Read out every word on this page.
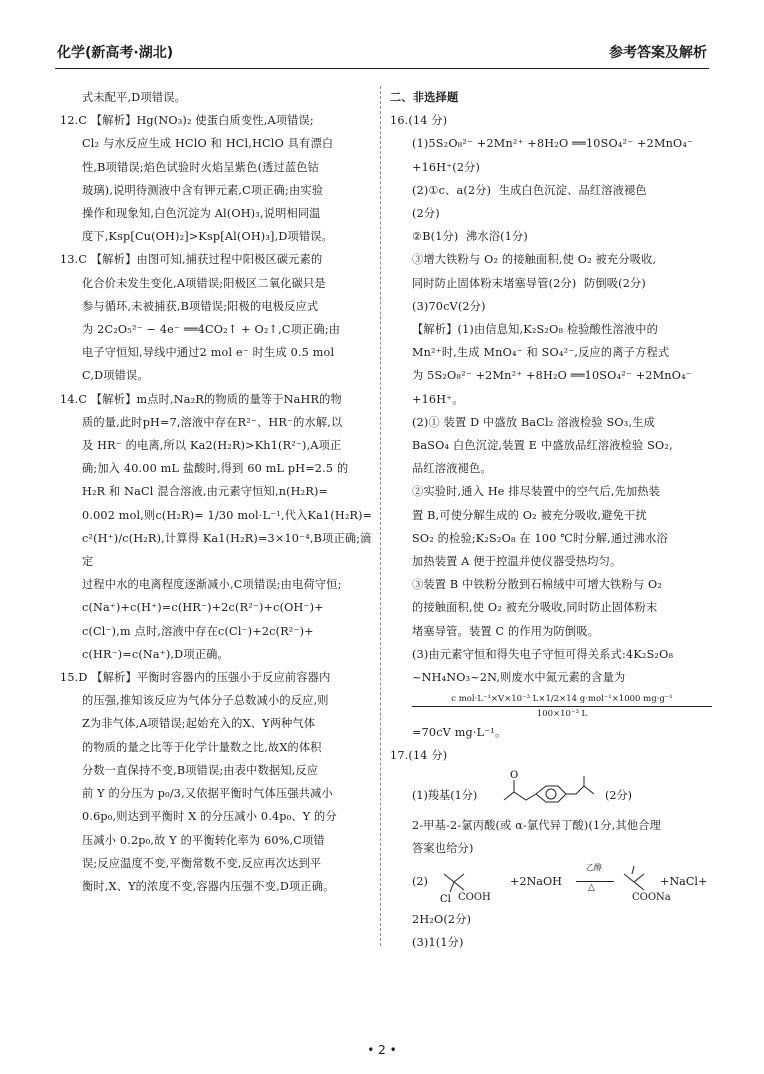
化学(新高考·湖北)	参考答案及解析

式未配平,D项错误。

12.C 【解析】Hg(NO₃)₂ 使蛋白质变性,A项错误;

Cl₂ 与水反应生成 HClO 和 HCl,HClO 具有漂白

性,B项错误;焰色试验时火焰呈紫色(透过蓝色钴

玻璃),说明待测液中含有钾元素,C项正确;由实验

操作和现象知,白色沉淀为 Al(OH)₃,说明相同温

度下,Ksp[Cu(OH)₂]>Ksp[Al(OH)₃],D项错误。

13.C 【解析】由图可知,捕获过程中阳极区碳元素的

化合价未发生变化,A项错误;阳极区二氧化碳只是

参与循环,未被捕获,B项错误;阳极的电极反应式

为 2C₂O₅²⁻ − 4e⁻ ══4CO₂↑ + O₂↑,C项正确;由

电子守恒知,导线中通过2 mol e⁻ 时生成 0.5 mol

C,D项错误。

14.C 【解析】m点时,Na₂R的物质的量等于NaHR的物

质的量,此时pH=7,溶液中存在R²⁻、HR⁻的水解,以

及 HR⁻ 的电离,所以 Ka2(H₂R)>Kh1(R²⁻),A项正

确;加入 40.00 mL 盐酸时,得到 60 mL pH=2.5 的

H₂R 和 NaCl 混合溶液,由元素守恒知,n(H₂R)=

0.002 mol,则c(H₂R)= 1/30 mol·L⁻¹,代入Ka1(H₂R)=

c²(H⁺)/c(H₂R),计算得 Ka1(H₂R)=3×10⁻⁴,B项正确;滴定

过程中水的电离程度逐渐减小,C项错误;由电荷守恒;

c(Na⁺)+c(H⁺)=c(HR⁻)+2c(R²⁻)+c(OH⁻)+

c(Cl⁻),m 点时,溶液中存在c(Cl⁻)+2c(R²⁻)+

c(HR⁻)=c(Na⁺),D项正确。

15.D 【解析】平衡时容器内的压强小于反应前容器内

的压强,推知该反应为气体分子总数减小的反应,则

Z为非气体,A项错误;起始充入的X、Y两种气体

的物质的量之比等于化学计量数之比,故X的体积

分数一直保持不变,B项错误;由表中数据知,反应

前 Y 的分压为 p₀/3,又依据平衡时气体压强共减小

0.6p₀,则达到平衡时 X 的分压减小 0.4p₀、Y 的分

压减小 0.2p₀,故 Y 的平衡转化率为 60%,C项错

误;反应温度不变,平衡常数不变,反应再次达到平

衡时,X、Y的浓度不变,容器内压强不变,D项正确。

二、非选择题

16.(14 分)

(1)5S₂O₈²⁻ +2Mn²⁺ +8H₂O ══10SO₄²⁻ +2MnO₄⁻

+16H⁺(2分)

(2)①c、a(2分)  生成白色沉淀、品红溶液褪色

(2分)

②B(1分)  沸水浴(1分)

③增大铁粉与 O₂ 的接触面积,使 O₂ 被充分吸收,

同时防止固体粉末堵塞导管(2分)  防倒吸(2分)

(3)70cV(2分)

【解析】(1)由信息知,K₂S₂O₈ 检验酸性溶液中的

Mn²⁺时,生成 MnO₄⁻ 和 SO₄²⁻,反应的离子方程式

为 5S₂O₈²⁻ +2Mn²⁺ +8H₂O ══10SO₄²⁻ +2MnO₄⁻

+16H⁺。

(2)① 装置 D 中盛放 BaCl₂ 溶液检验 SO₃,生成

BaSO₄ 白色沉淀,装置 E 中盛放品红溶液检验 SO₂,

品红溶液褪色。

②实验时,通入 He 排尽装置中的空气后,先加热装

置 B,可使分解生成的 O₂ 被充分吸收,避免干扰

SO₂ 的检验;K₂S₂O₈ 在 100 ℃时分解,通过沸水浴

加热装置 A 便于控温并使仪器受热均匀。

③装置 B 中铁粉分散到石棉绒中可增大铁粉与 O₂

的接触面积,使 O₂ 被充分吸收,同时防止固体粉末

堵塞导管。装置 C 的作用为防倒吸。

(3)由元素守恒和得失电子守恒可得关系式:4K₂S₂O₈

~NH₄NO₃~2N,则废水中氮元素的含量为

c mol·L⁻¹×V×10⁻³ L×1/2×14 g·mol⁻¹×1000 mg·g⁻¹
100×10⁻³ L

=70cV mg·L⁻¹。

17.(14 分)

(1)羧基(1分)
O
(2分)

2-甲基-2-氯丙酸(或 α-氯代异丁酸)(1分,其他合理

答案也给分)

(2)
Cl COOH
+2NaOH
乙醇
△
COONa
+NaCl+

2H₂O(2分)

(3)1(1分)

• 2 •
